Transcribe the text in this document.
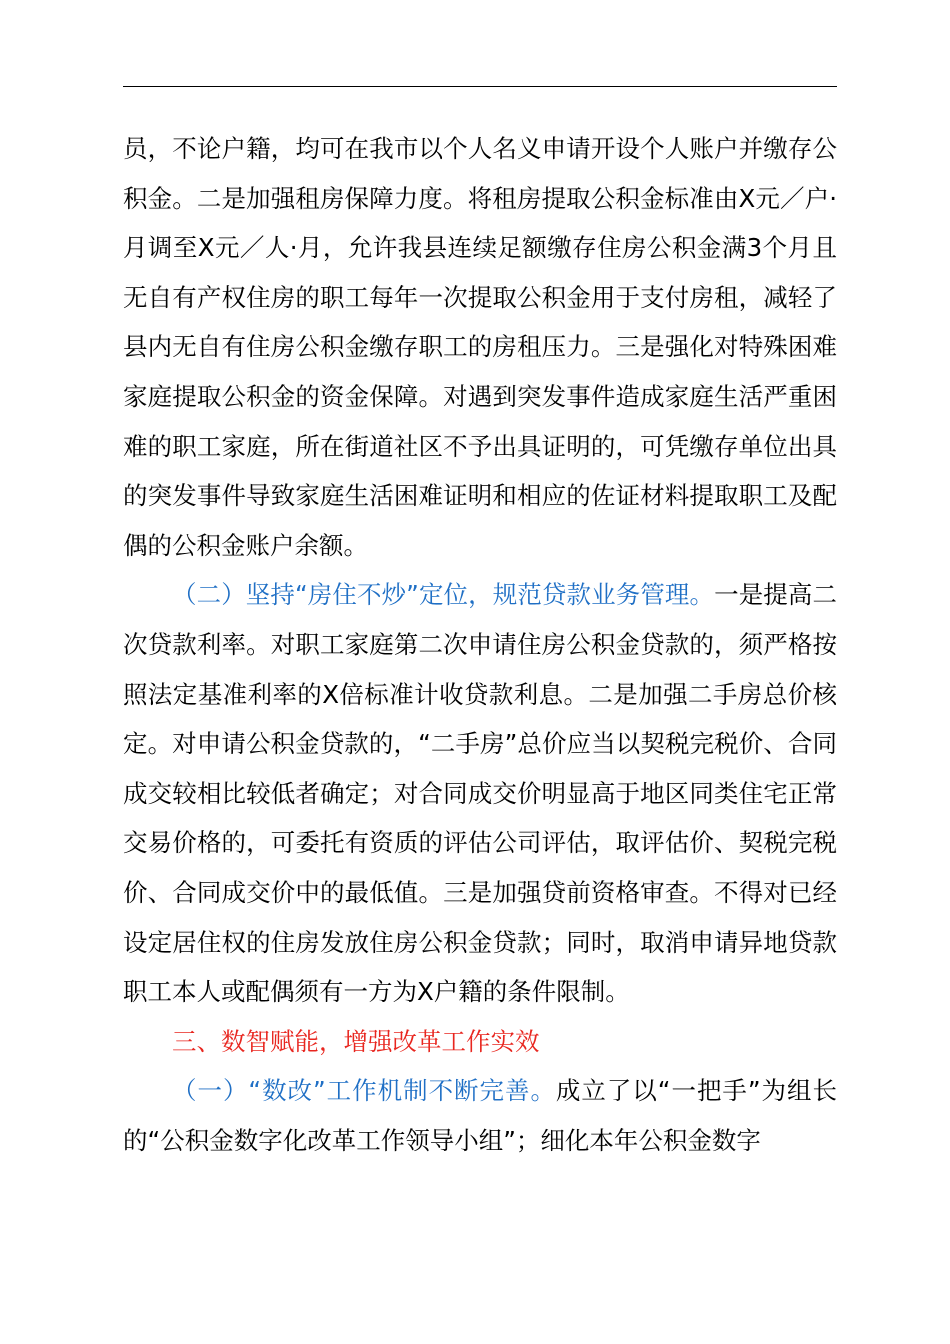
员，不论户籍，均可在我市以个人名义申请开设个人账户并缴存公积金。二是加强租房保障力度。将租房提取公积金标准由X元／户·月调至X元／人·月，允许我县连续足额缴存住房公积金满3个月且无自有产权住房的职工每年一次提取公积金用于支付房租，减轻了县内无自有住房公积金缴存职工的房租压力。三是强化对特殊困难家庭提取公积金的资金保障。对遇到突发事件造成家庭生活严重困难的职工家庭，所在街道社区不予出具证明的，可凭缴存单位出具的突发事件导致家庭生活困难证明和相应的佐证材料提取职工及配偶的公积金账户余额。

（二）坚持“房住不炒”定位，规范贷款业务管理。一是提高二次贷款利率。对职工家庭第二次申请住房公积金贷款的，须严格按照法定基准利率的X倍标准计收贷款利息。二是加强二手房总价核定。对申请公积金贷款的，“二手房”总价应当以契税完税价、合同成交较相比较低者确定；对合同成交价明显高于地区同类住宅正常交易价格的，可委托有资质的评估公司评估，取评估价、契税完税价、合同成交价中的最低值。三是加强贷前资格审查。不得对已经设定居住权的住房发放住房公积金贷款；同时，取消申请异地贷款职工本人或配偶须有一方为X户籍的条件限制。

三、数智赋能，增强改革工作实效

（一）“数改”工作机制不断完善。成立了以“一把手”为组长的“公积金数字化改革工作领导小组”；细化本年公积金数字
